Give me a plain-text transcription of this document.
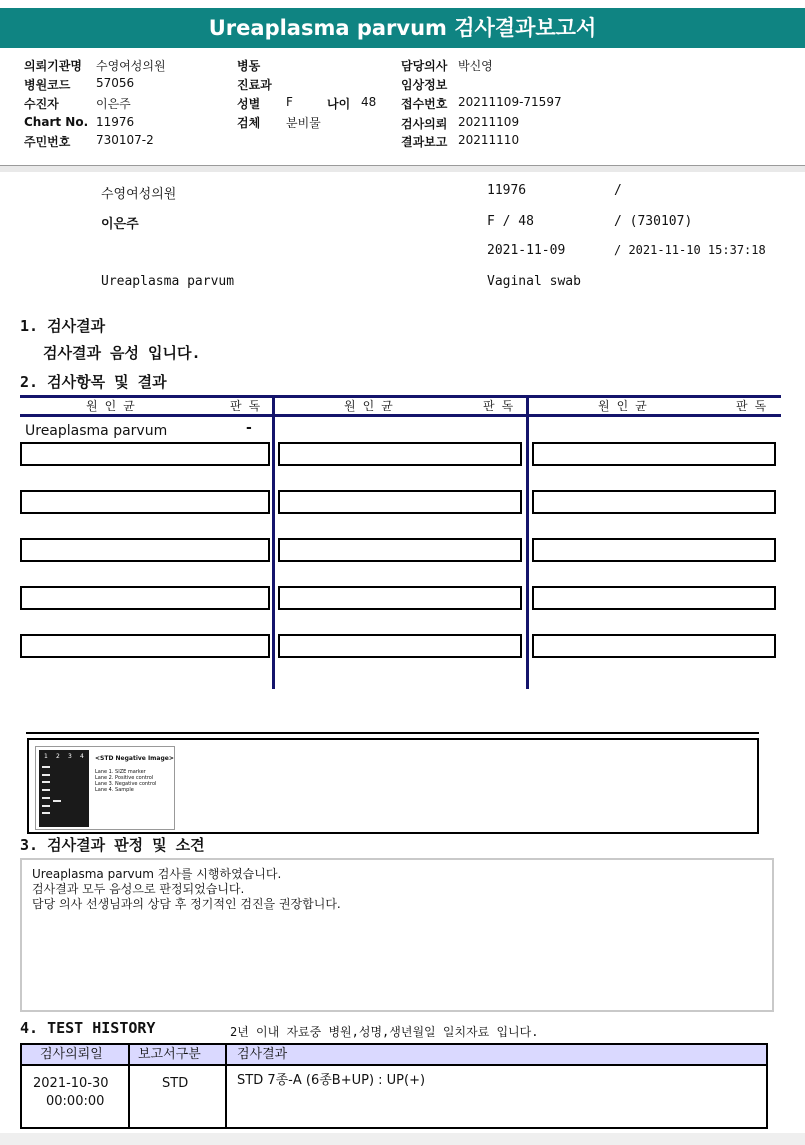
Ureaplasma parvum 검사결과보고서
의뢰기관명 수영여성의원
병원코드 57056
수진자	이은주
Chart No. 11976
주민번호 730107-2
병동
진료과
성별 F	나이 48
검체 분비물
담당의사 박신영
임상정보
접수번호 20211109-71597
검사의뢰 20211109
결과보고 20211110
수영여성의원	11976	/
이은주	F / 48	/ (730107)
2021-11-09	/ 2021-11-10 15:37:18
Ureaplasma parvum	Vaginal swab
1. 검사결과
검사결과 음성 입니다.
2. 검사항목 및 결과
원인균	판독	원인균	판독	원인균	판독
Ureaplasma parvum	-
1 2 3 4 <STD Negative Image>
Lane 1. SIZE marker
Lane 2. Positive control
Lane 3. Negative control
Lane 4. Sample
3. 검사결과 판정 및 소견
Ureaplasma parvum 검사를 시행하였습니다.
검사결과 모두 음성으로 판정되었습니다.
담당 의사 선생님과의 상담 후 정기적인 검진을 권장합니다.
4. TEST HISTORY	2년 이내 자료중 병원,성명,생년월일 일치자료 입니다.
검사의뢰일	보고서구분	검사결과
2021-10-30
00:00:00
STD	STD 7종-A (6종B+UP) : UP(+)
